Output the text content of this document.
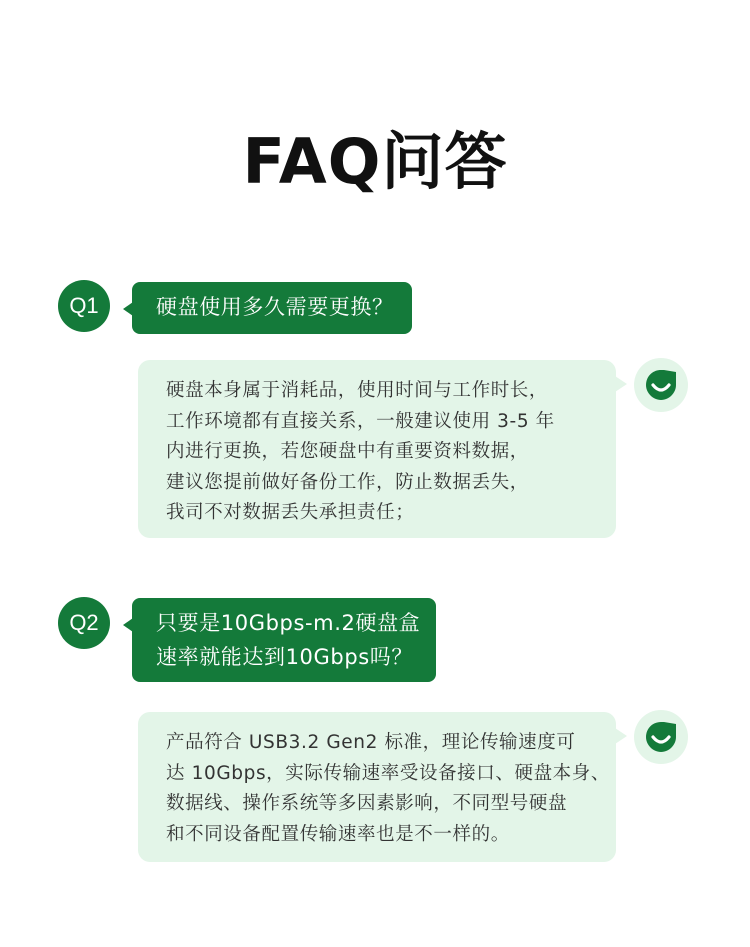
FAQ问答
Q1	硬盘使用多久需要更换？
硬盘本身属于消耗品，使用时间与工作时长，
工作环境都有直接关系，一般建议使用 3-5 年
内进行更换，若您硬盘中有重要资料数据，
建议您提前做好备份工作，防止数据丢失，
我司不对数据丢失承担责任；
Q2	只要是10Gbps-m.2硬盘盒
速率就能达到10Gbps吗？
产品符合 USB3.2 Gen2 标准，理论传输速度可
达 10Gbps，实际传输速率受设备接口、硬盘本身、
数据线、操作系统等多因素影响，不同型号硬盘
和不同设备配置传输速率也是不一样的。
